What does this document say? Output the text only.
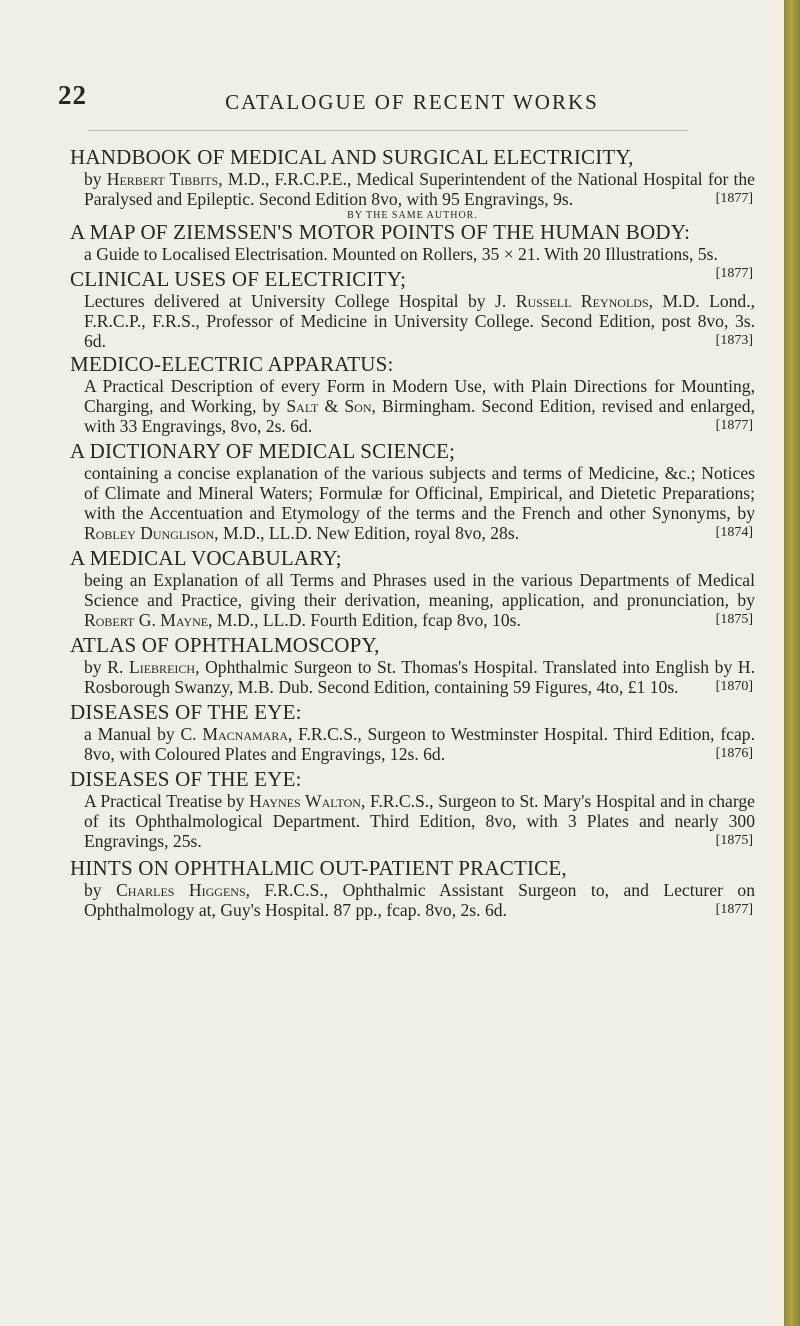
22	CATALOGUE OF RECENT WORKS
HANDBOOK OF MEDICAL AND SURGICAL ELECTRICITY,
by Herbert Tibbits, M.D., F.R.C.P.E., Medical Superintendent of the National Hospital for the Paralysed and Epileptic. Second Edition 8vo, with 95 Engravings, 9s.	[1877]
BY THE SAME AUTHOR.
A MAP OF ZIEMSSEN'S MOTOR POINTS OF THE HUMAN BODY:
a Guide to Localised Electrisation. Mounted on Rollers, 35 × 21. With 20 Illustrations, 5s.
[1877]
CLINICAL USES OF ELECTRICITY;
Lectures delivered at University College Hospital by J. Russell Reynolds, M.D. Lond., F.R.C.P., F.R.S., Professor of Medicine in University College. Second Edition, post 8vo, 3s. 6d.	[1873]
MEDICO-ELECTRIC APPARATUS:
A Practical Description of every Form in Modern Use, with Plain Directions for Mounting, Charging, and Working, by Salt & Son, Birmingham. Second Edition, revised and enlarged, with 33 Engravings, 8vo, 2s. 6d.	[1877]
A DICTIONARY OF MEDICAL SCIENCE;
containing a concise explanation of the various subjects and terms of Medicine, &c.; Notices of Climate and Mineral Waters; Formulæ for Officinal, Empirical, and Dietetic Preparations; with the Accentuation and Etymology of the terms and the French and other Synonyms, by Robley Dunglison, M.D., LL.D. New Edition, royal 8vo, 28s.	[1874]
A MEDICAL VOCABULARY;
being an Explanation of all Terms and Phrases used in the various Departments of Medical Science and Practice, giving their derivation, meaning, application, and pronunciation, by Robert G. Mayne, M.D., LL.D. Fourth Edition, fcap 8vo, 10s.	[1875]
ATLAS OF OPHTHALMOSCOPY,
by R. Liebreich, Ophthalmic Surgeon to St. Thomas's Hospital. Translated into English by H. Rosborough Swanzy, M.B. Dub. Second Edition, containing 59 Figures, 4to, £1 10s.	[1870]
DISEASES OF THE EYE:
a Manual by C. Macnamara, F.R.C.S., Surgeon to Westminster Hospital. Third Edition, fcap. 8vo, with Coloured Plates and Engravings, 12s. 6d.	[1876]
DISEASES OF THE EYE:
A Practical Treatise by Haynes Walton, F.R.C.S., Surgeon to St. Mary's Hospital and in charge of its Ophthalmological Department. Third Edition, 8vo, with 3 Plates and nearly 300 Engravings, 25s.	[1875]
HINTS ON OPHTHALMIC OUT-PATIENT PRACTICE,
by Charles Higgens, F.R.C.S., Ophthalmic Assistant Surgeon to, and Lecturer on Ophthalmology at, Guy's Hospital. 87 pp., fcap. 8vo, 2s. 6d.	[1877]
